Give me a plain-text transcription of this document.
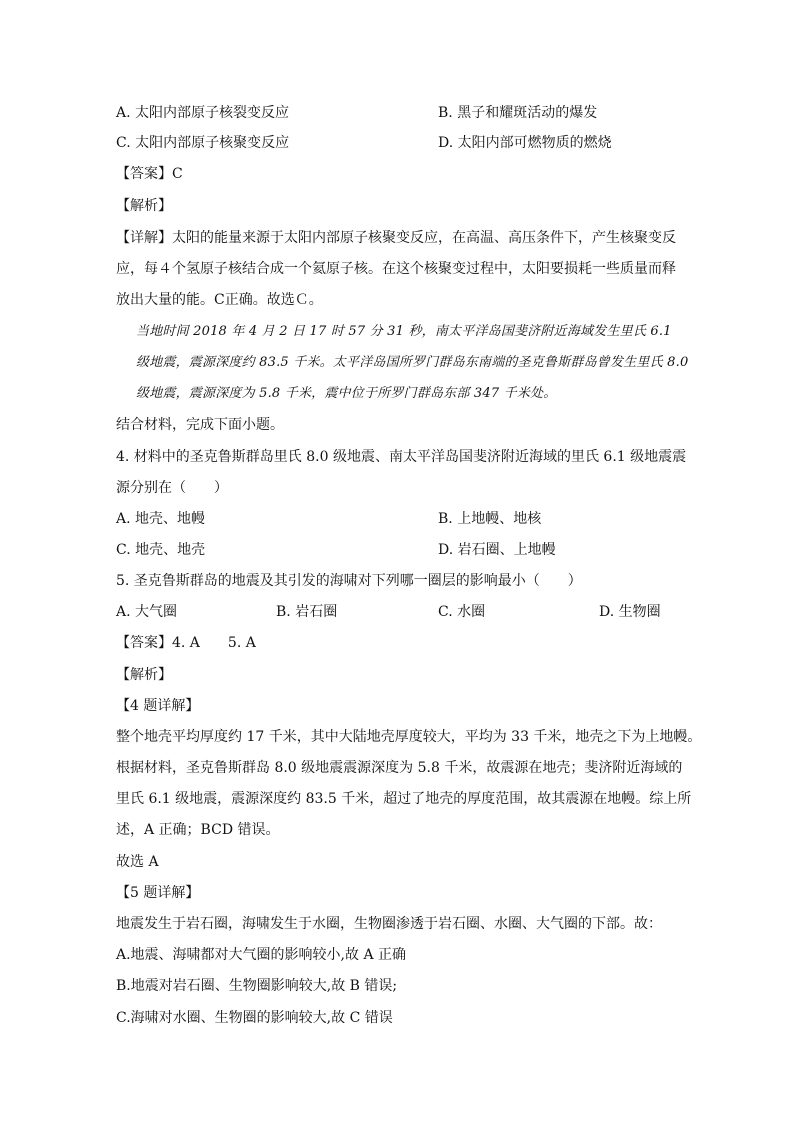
A. 太阳内部原子核裂变反应	B. 黑子和耀斑活动的爆发
C. 太阳内部原子核聚变反应	D. 太阳内部可燃物质的燃烧
【答案】C
【解析】
【详解】太阳的能量来源于太阳内部原子核聚变反应，在高温、高压条件下，产生核聚变反
应，每４个氢原子核结合成一个氦原子核。在这个核聚变过程中，太阳要损耗一些质量而释
放出大量的能。C正确。故选Ｃ。
当地时间 2018 年 4 月 2 日 17 时 57 分 31 秒，南太平洋岛国斐济附近海域发生里氏 6.1
级地震，震源深度约 83.5 千米。太平洋岛国所罗门群岛东南端的圣克鲁斯群岛曾发生里氏 8.0
级地震，震源深度为 5.8 千米，震中位于所罗门群岛东部 347 千米处。
结合材料，完成下面小题。
4. 材料中的圣克鲁斯群岛里氏 8.0 级地震、南太平洋岛国斐济附近海域的里氏 6.1 级地震震
源分别在（　　）
A. 地壳、地幔	B. 上地幔、地核
C. 地壳、地壳	D. 岩石圈、上地幔
5. 圣克鲁斯群岛的地震及其引发的海啸对下列哪一圈层的影响最小（　　）
A. 大气圈	B. 岩石圈	C. 水圈	D. 生物圈
【答案】4. A　　5. A
【解析】
【4 题详解】
整个地壳平均厚度约 17 千米，其中大陆地壳厚度较大，平均为 33 千米，地壳之下为上地幔。
根据材料，圣克鲁斯群岛 8.0 级地震震源深度为 5.8 千米，故震源在地壳；斐济附近海域的
里氏 6.1 级地震，震源深度约 83.5 千米，超过了地壳的厚度范围，故其震源在地幔。综上所
述，A 正确；BCD 错误。
故选 A
【5 题详解】
地震发生于岩石圈，海啸发生于水圈，生物圈渗透于岩石圈、水圈、大气圈的下部。故：
A.地震、海啸都对大气圈的影响较小,故 A 正确
B.地震对岩石圈、生物圈影响较大,故 B 错误;
C.海啸对水圈、生物圈的影响较大,故 C 错误
